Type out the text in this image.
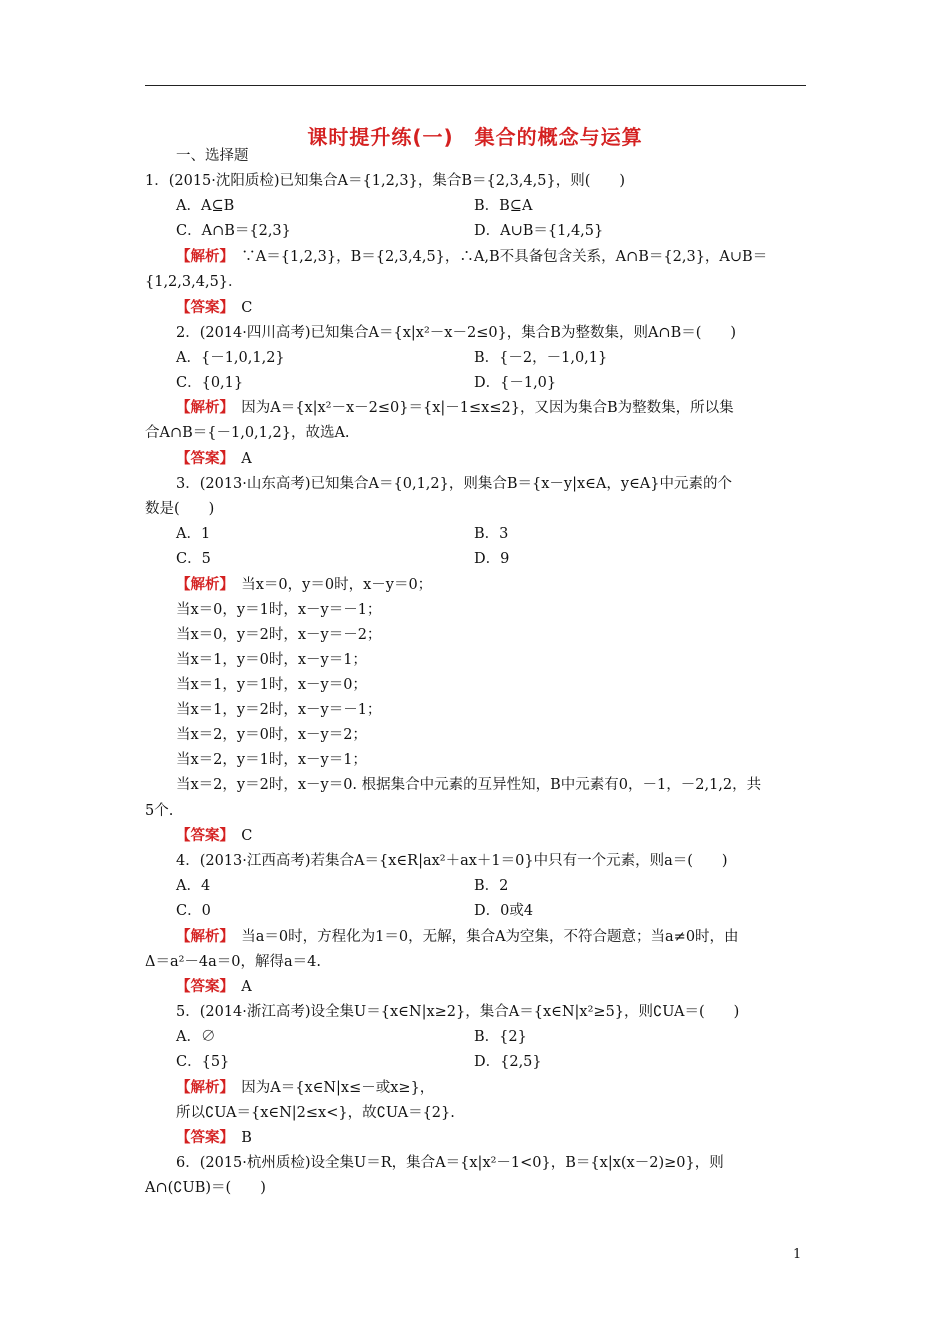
课时提升练(一)　集合的概念与运算
一、选择题
1．(2015·沈阳质检)已知集合A＝{1,2,3}，集合B＝{2,3,4,5}，则(　　)
A．A⊆B	B．B⊆A
C．A∩B＝{2,3}	D．A∪B＝{1,4,5}
【解析】　∵A＝{1,2,3}，B＝{2,3,4,5}，∴A,B不具备包含关系，A∩B＝{2,3}，A∪B＝
{1,2,3,4,5}．
【答案】　C
2．(2014·四川高考)已知集合A＝{x|x²－x－2≤0}，集合B为整数集，则A∩B＝(　　)
A．{－1,0,1,2}	B．{－2，－1,0,1}
C．{0,1}	D．{－1,0}
【解析】　因为A＝{x|x²－x－2≤0}＝{x|－1≤x≤2}，又因为集合B为整数集，所以集
合A∩B＝{－1,0,1,2}，故选A.
【答案】　A
3．(2013·山东高考)已知集合A＝{0,1,2}，则集合B＝{x－y|x∈A，y∈A}中元素的个
数是(　　)
A．1	B．3
C．5	D．9
【解析】　当x＝0，y＝0时，x－y＝0；
当x＝0，y＝1时，x－y＝－1；
当x＝0，y＝2时，x－y＝－2；
当x＝1，y＝0时，x－y＝1；
当x＝1，y＝1时，x－y＝0；
当x＝1，y＝2时，x－y＝－1；
当x＝2，y＝0时，x－y＝2；
当x＝2，y＝1时，x－y＝1；
当x＝2，y＝2时，x－y＝0. 根据集合中元素的互异性知，B中元素有0，－1，－2,1,2，共
5个.
【答案】　C
4．(2013·江西高考)若集合A＝{x∈R|ax²＋ax＋1＝0}中只有一个元素，则a＝(　　)
A．4	B．2
C．0	D．0或4
【解析】　当a＝0时，方程化为1＝0，无解，集合A为空集，不符合题意；当a≠0时，由
Δ＝a²－4a＝0，解得a＝4.
【答案】　A
5．(2014·浙江高考)设全集U＝{x∈N|x≥2}，集合A＝{x∈N|x²≥5}，则∁UA＝(　　)
A．∅	B．{2}
C．{5}	D．{2,5}
【解析】　因为A＝{x∈N|x≤－或x≥}，
所以∁UA＝{x∈N|2≤x<}，故∁UA＝{2}.
【答案】　B
6．(2015·杭州质检)设全集U＝R，集合A＝{x|x²－1<0}，B＝{x|x(x－2)≥0}，则
A∩(∁UB)＝(　　)
1
